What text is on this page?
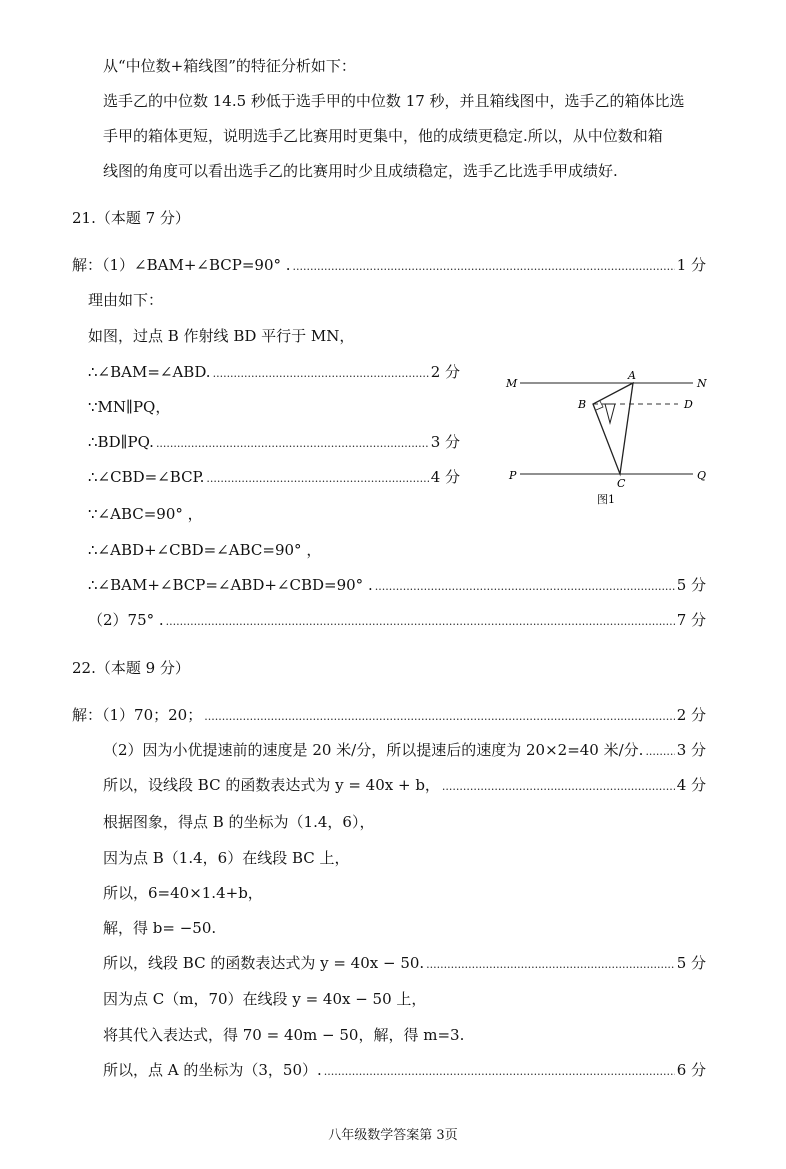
从“中位数+箱线图”的特征分析如下：
选手乙的中位数 14.5 秒低于选手甲的中位数 17 秒，并且箱线图中，选手乙的箱体比选
手甲的箱体更短，说明选手乙比赛用时更集中，他的成绩更稳定.所以，从中位数和箱
线图的角度可以看出选手乙的比赛用时少且成绩稳定，选手乙比选手甲成绩好.
21.（本题 7 分）
解：（1）∠BAM+∠BCP=90° . .....	1 分
理由如下：
如图，过点 B 作射线 BD 平行于 MN，
∴∠BAM=∠ABD. .....	2 分
∵MN∥PQ，
∴BD∥PQ. .....	3 分
∴∠CBD=∠BCP. .....	4 分
∵∠ABC=90° ，
∴∠ABD+∠CBD=∠ABC=90° ，
∴∠BAM+∠BCP=∠ABD+∠CBD=90° . .....	5 分
（2）75° . .....	7 分
M	N
A
B	D
P	Q
C
图1
22.（本题 9 分）
解：（1）70；20； .....	2 分
（2）因为小优提速前的速度是 20 米/分，所以提速后的速度为 20×2=40 米/分. ..... 3 分
所以，设线段 BC 的函数表达式为 y = 40x + b， .....	4 分
根据图象，得点 B 的坐标为（1.4，6），
因为点 B（1.4，6）在线段 BC 上，
所以，6=40×1.4+b，
解，得 b= −50.
所以，线段 BC 的函数表达式为 y = 40x − 50. .....	5 分
因为点 C（m，70）在线段 y = 40x − 50 上，
将其代入表达式，得 70 = 40m − 50，解，得 m=3.
所以，点 A 的坐标为（3，50）. .....	6 分
八年级数学答案第 3页
